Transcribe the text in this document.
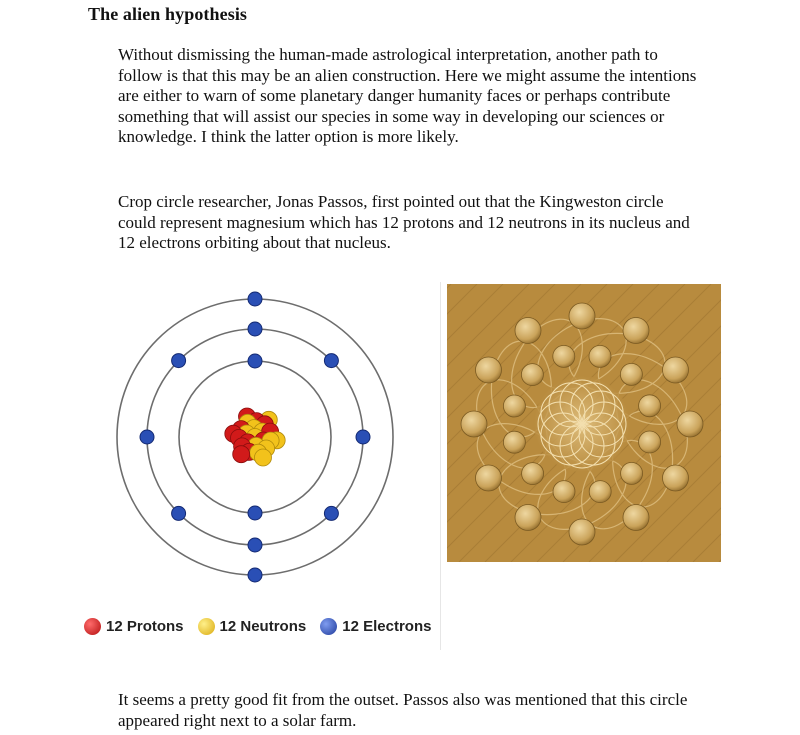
The alien hypothesis

Without dismissing the human-made astrological interpretation, another path to follow is that this may be an alien construction. Here we might assume the intentions are either to warn of some planetary danger humanity faces or perhaps contribute something that will assist our species in some way in developing our sciences or knowledge. I think the latter option is more likely.

Crop circle researcher, Jonas Passos, first pointed out that the Kingweston circle could represent magnesium which has 12 protons and 12 neutrons in its nucleus and 12 electrons orbiting about that nucleus.

12 Protons 12 Neutrons 12 Electrons

It seems a pretty good fit from the outset. Passos also was mentioned that this circle appeared right next to a solar farm.
